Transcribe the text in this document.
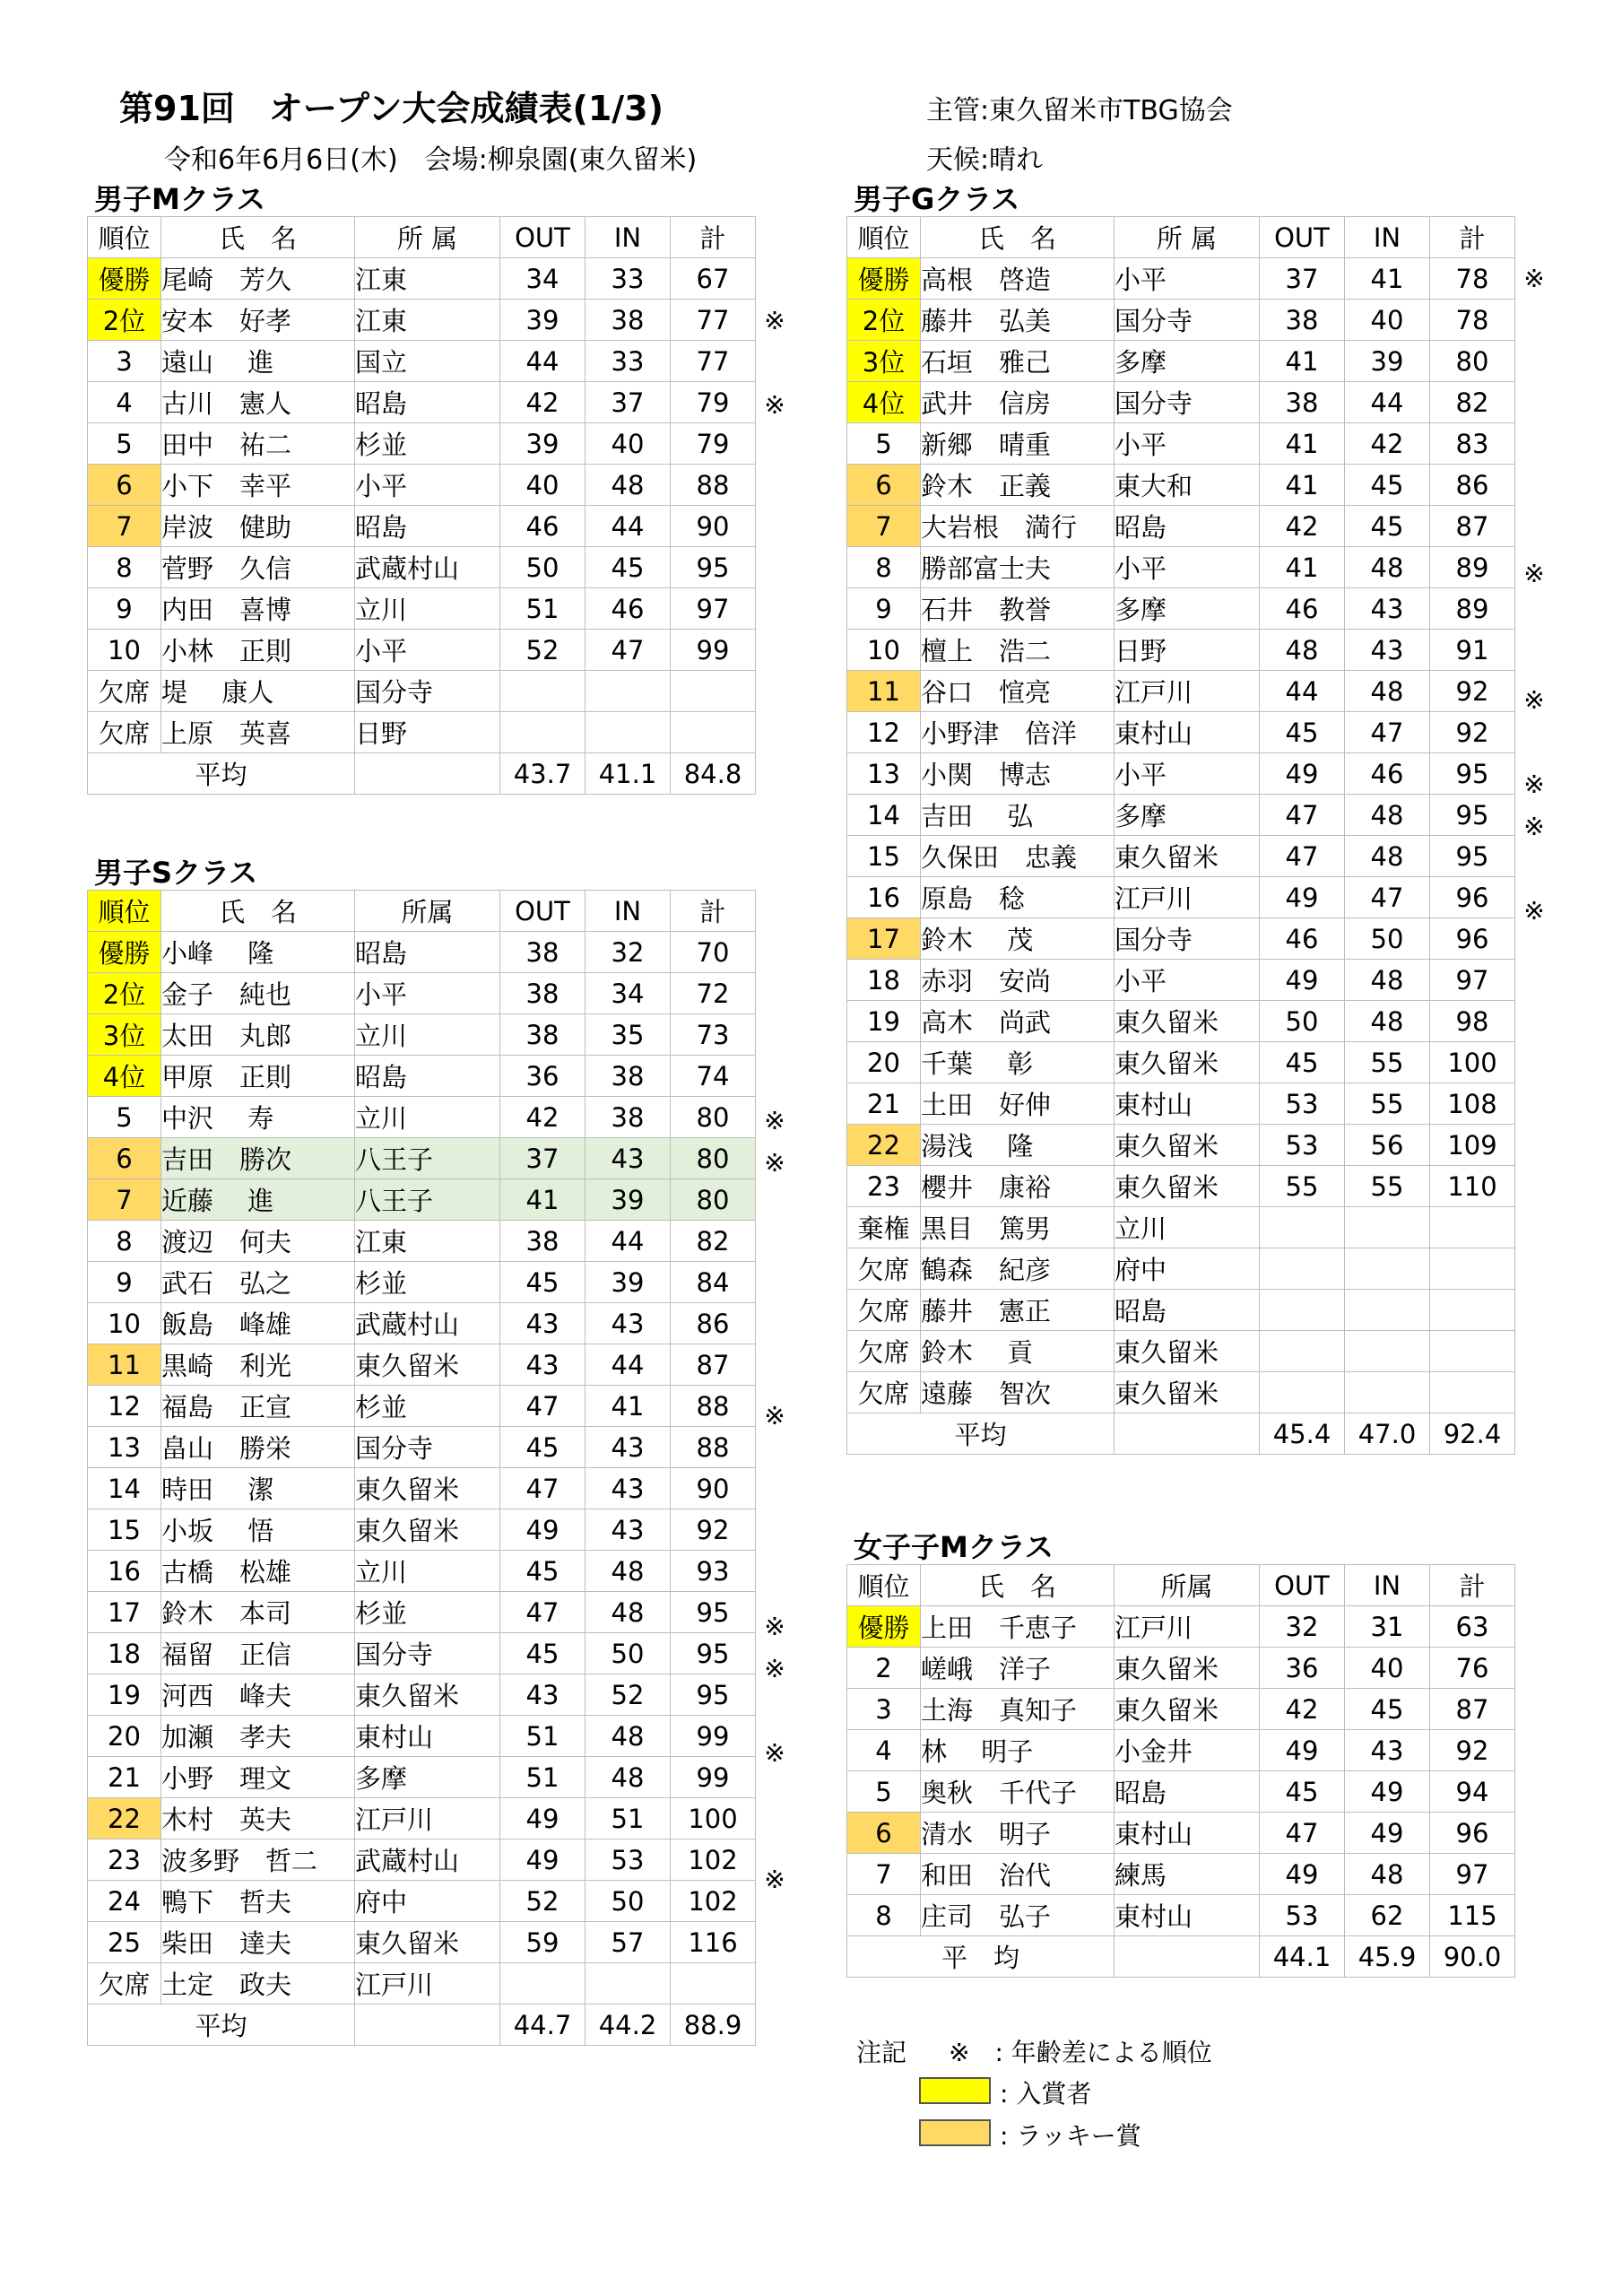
第91回　オープン大会成績表(1/3)	主管:東久留米市TBG協会
令和6年6月6日(木)　会場:柳泉園(東久留米)	天候:晴れ
男子Mクラス
※
※
順位	氏　名	所 属	OUT	IN	計
優勝	尾崎　芳久	江東	34	33	67
2位	安本　好孝	江東	39	38	77
3	遠山　 進	国立	44	33	77
4	古川　憲人	昭島	42	37	79
5	田中　祐二	杉並	39	40	79
6	小下　幸平	小平	40	48	88
7	岸波　健助	昭島	46	44	90
8	菅野　久信	武蔵村山	50	45	95
9	内田　喜博	立川	51	46	97
10	小林　正則	小平	52	47	99
欠席	堤　 康人	国分寺			
欠席	上原　英喜	日野			
平均			43.7	41.1	84.8
男子Sクラス
※
※
※
※
※
※
※
順位	氏　名	所属	OUT	IN	計
優勝	小峰　 隆	昭島	38	32	70
2位	金子　純也	小平	38	34	72
3位	太田　丸郎	立川	38	35	73
4位	甲原　正則	昭島	36	38	74
5	中沢　 寿	立川	42	38	80
6	吉田　勝次	八王子	37	43	80
7	近藤　 進	八王子	41	39	80
8	渡辺　何夫	江東	38	44	82
9	武石　弘之	杉並	45	39	84
10	飯島　峰雄	武蔵村山	43	43	86
11	黒崎　利光	東久留米	43	44	87
12	福島　正宣	杉並	47	41	88
13	畠山　勝栄	国分寺	45	43	88
14	時田　 潔	東久留米	47	43	90
15	小坂　 悟	東久留米	49	43	92
16	古橋　松雄	立川	45	48	93
17	鈴木　本司	杉並	47	48	95
18	福留　正信	国分寺	45	50	95
19	河西　峰夫	東久留米	43	52	95
20	加瀬　孝夫	東村山	51	48	99
21	小野　理文	多摩	51	48	99
22	木村　英夫	江戸川	49	51	100
23	波多野　哲二	武蔵村山	49	53	102
24	鴨下　哲夫	府中	52	50	102
25	柴田　達夫	東久留米	59	57	116
欠席	土定　政夫	江戸川			
平均			44.7	44.2	88.9
男子Gクラス
※
※
※
※
※
※
順位	氏　名	所 属	OUT	IN	計
優勝	高根　啓造	小平	37	41	78
2位	藤井　弘美	国分寺	38	40	78
3位	石垣　雅己	多摩	41	39	80
4位	武井　信房	国分寺	38	44	82
5	新郷　晴重	小平	41	42	83
6	鈴木　正義	東大和	41	45	86
7	大岩根　満行	昭島	42	45	87
8	勝部富士夫	小平	41	48	89
9	石井　教誉	多摩	46	43	89
10	檀上　浩二	日野	48	43	91
11	谷口　愃亮	江戸川	44	48	92
12	小野津　倍洋	東村山	45	47	92
13	小関　博志	小平	49	46	95
14	吉田　 弘	多摩	47	48	95
15	久保田　忠義	東久留米	47	48	95
16	原島　稔	江戸川	49	47	96
17	鈴木　 茂	国分寺	46	50	96
18	赤羽　安尚	小平	49	48	97
19	高木　尚武	東久留米	50	48	98
20	千葉　 彰	東久留米	45	55	100
21	土田　好伸	東村山	53	55	108
22	湯浅　 隆	東久留米	53	56	109
23	櫻井　康裕	東久留米	55	55	110
棄権	黒目　篤男	立川			
欠席	鶴森　紀彦	府中			
欠席	藤井　憲正	昭島			
欠席	鈴木　 貢	東久留米			
欠席	遠藤　智次	東久留米			
平均			45.4	47.0	92.4
女子子Mクラス
順位	氏　名	所属	OUT	IN	計
優勝	上田　千恵子	江戸川	32	31	63
2	嵯峨　洋子	東久留米	36	40	76
3	土海　真知子	東久留米	42	45	87
4	林　 明子	小金井	49	43	92
5	奥秋　千代子	昭島	45	49	94
6	清水　明子	東村山	47	49	96
7	和田　治代	練馬	49	48	97
8	庄司　弘子	東村山	53	62	115
平　均			44.1	45.9	90.0
注記 ※　: 年齢差による順位
: 入賞者
: ラッキー賞
